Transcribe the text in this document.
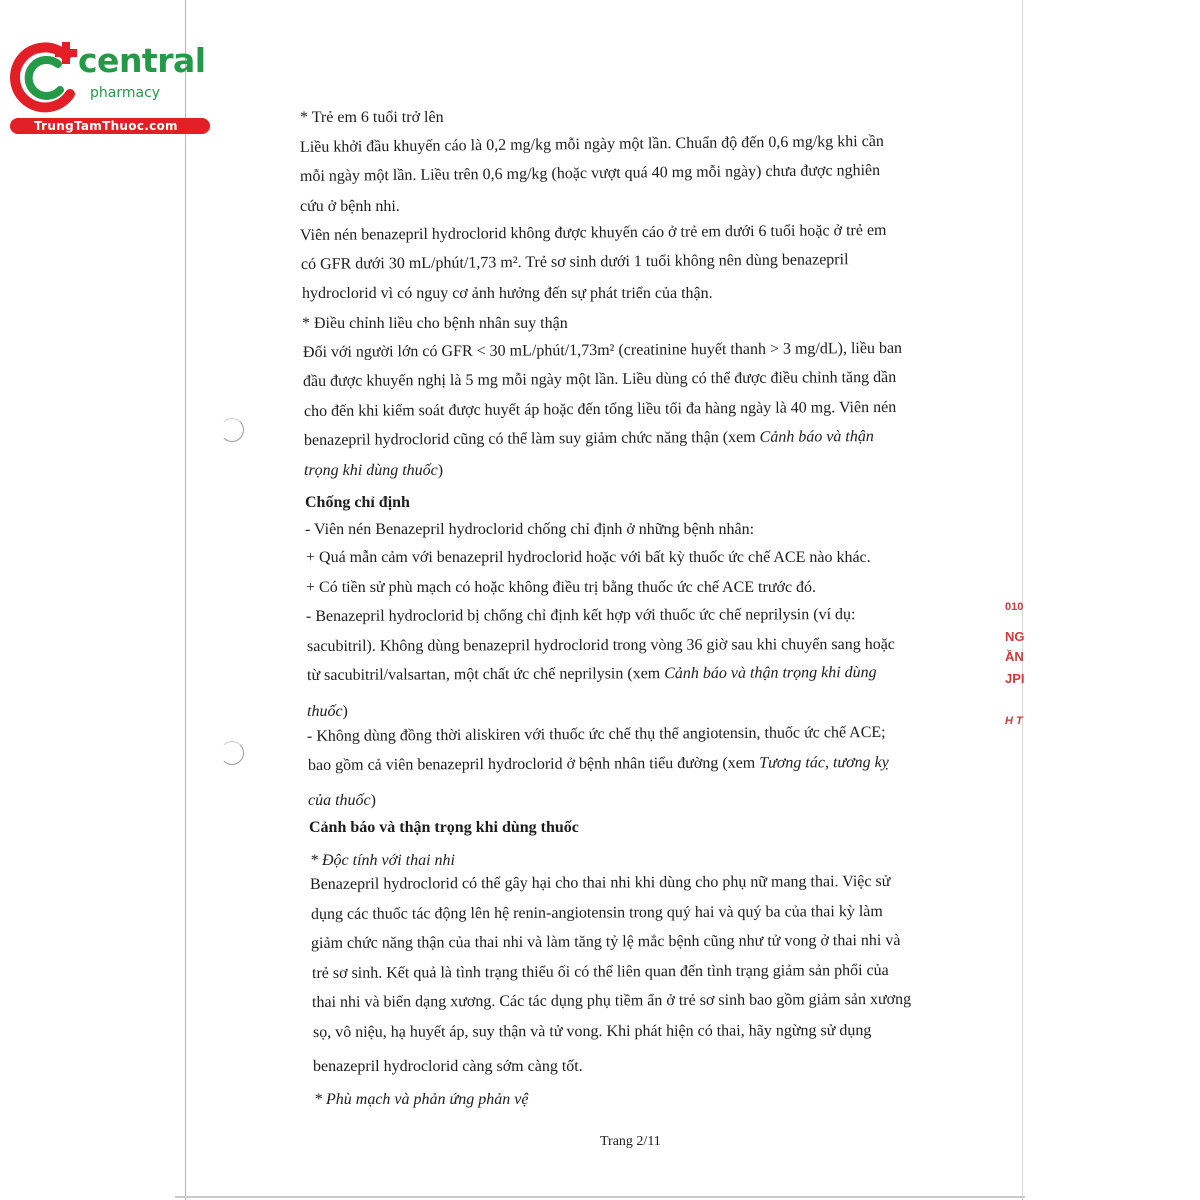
central
pharmacy
TrungTamThuoc.com
010
NG
ẦN
JPI
H T

* Trẻ em 6 tuổi trở lên

Liều khởi đầu khuyến cáo là 0,2 mg/kg mỗi ngày một lần. Chuẩn độ đến 0,6 mg/kg khi cần

mỗi ngày một lần. Liều trên 0,6 mg/kg (hoặc vượt quá 40 mg mỗi ngày) chưa được nghiên

cứu ở bệnh nhi.

Viên nén benazepril hydroclorid không được khuyến cáo ở trẻ em dưới 6 tuổi hoặc ở trẻ em

có GFR dưới 30 mL/phút/1,73 m². Trẻ sơ sinh dưới 1 tuổi không nên dùng benazepril

hydroclorid vì có nguy cơ ảnh hưởng đến sự phát triển của thận.

* Điều chỉnh liều cho bệnh nhân suy thận

Đối với người lớn có GFR < 30 mL/phút/1,73m² (creatinine huyết thanh > 3 mg/dL), liều ban

đầu được khuyến nghị là 5 mg mỗi ngày một lần. Liều dùng có thể được điều chỉnh tăng dần

cho đến khi kiểm soát được huyết áp hoặc đến tổng liều tối đa hàng ngày là 40 mg. Viên nén

benazepril hydroclorid cũng có thể làm suy giảm chức năng thận (xem Cảnh báo và thận

trọng khi dùng thuốc)

Chống chỉ định

- Viên nén Benazepril hydroclorid chống chỉ định ở những bệnh nhân:

+ Quá mẫn cảm với benazepril hydroclorid hoặc với bất kỳ thuốc ức chế ACE nào khác.

+ Có tiền sử phù mạch có hoặc không điều trị bằng thuốc ức chế ACE trước đó.

- Benazepril hydroclorid bị chống chỉ định kết hợp với thuốc ức chế neprilysin (ví dụ:

sacubitril). Không dùng benazepril hydroclorid trong vòng 36 giờ sau khi chuyển sang hoặc

từ sacubitril/valsartan, một chất ức chế neprilysin (xem Cảnh báo và thận trọng khi dùng

thuốc)

- Không dùng đồng thời aliskiren với thuốc ức chế thụ thể angiotensin, thuốc ức chế ACE;

bao gồm cả viên benazepril hydroclorid ở bệnh nhân tiểu đường (xem Tương tác, tương kỵ

của thuốc)

Cảnh báo và thận trọng khi dùng thuốc

* Độc tính với thai nhi

Benazepril hydroclorid có thể gây hại cho thai nhi khi dùng cho phụ nữ mang thai. Việc sử

dụng các thuốc tác động lên hệ renin-angiotensin trong quý hai và quý ba của thai kỳ làm

giảm chức năng thận của thai nhi và làm tăng tỷ lệ mắc bệnh cũng như tử vong ở thai nhi và

trẻ sơ sinh. Kết quả là tình trạng thiểu ối có thể liên quan đến tình trạng giảm sản phổi của

thai nhi và biến dạng xương. Các tác dụng phụ tiềm ẩn ở trẻ sơ sinh bao gồm giảm sản xương

sọ, vô niệu, hạ huyết áp, suy thận và tử vong. Khi phát hiện có thai, hãy ngừng sử dụng

benazepril hydroclorid càng sớm càng tốt.

* Phù mạch và phản ứng phản vệ

Trang 2/11
